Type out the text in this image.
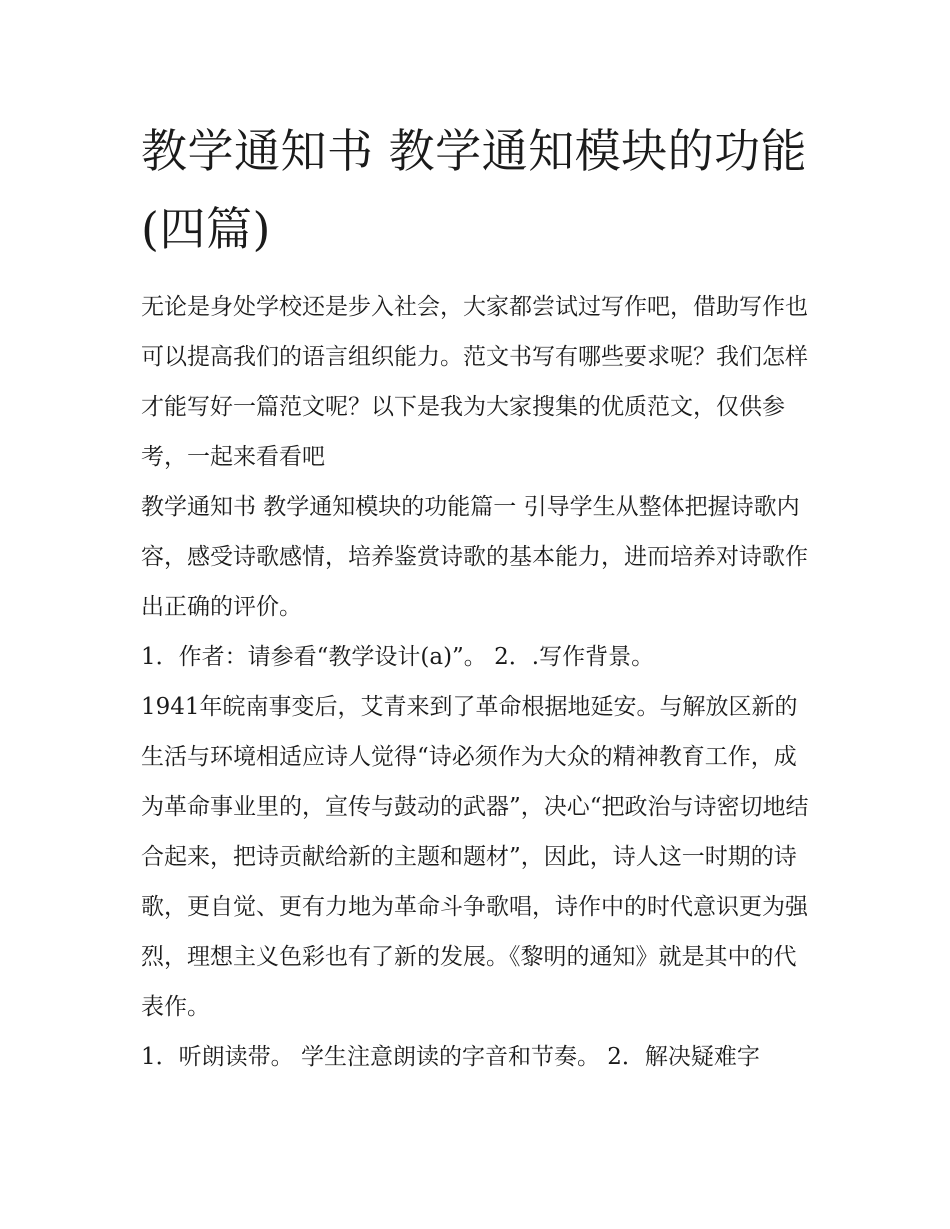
教学通知书 教学通知模块的功能(四篇)

无论是身处学校还是步入社会，大家都尝试过写作吧，借助写作也可以提高我们的语言组织能力。范文书写有哪些要求呢？我们怎样才能写好一篇范文呢？以下是我为大家搜集的优质范文，仅供参考，一起来看看吧

教学通知书 教学通知模块的功能篇一 引导学生从整体把握诗歌内容，感受诗歌感情，培养鉴赏诗歌的基本能力，进而培养对诗歌作出正确的评价。

1．作者：请参看“教学设计(a)”。 2．.写作背景。

1941年皖南事变后，艾青来到了革命根据地延安。与解放区新的生活与环境相适应诗人觉得“诗必须作为大众的精神教育工作，成为革命事业里的，宣传与鼓动的武器”，决心“把政治与诗密切地结合起来，把诗贡献给新的主题和题材”，因此，诗人这一时期的诗歌，更自觉、更有力地为革命斗争歌唱，诗作中的时代意识更为强烈，理想主义色彩也有了新的发展。《黎明的通知》就是其中的代表作。

1．听朗读带。 学生注意朗读的字音和节奏。 2．解决疑难字
